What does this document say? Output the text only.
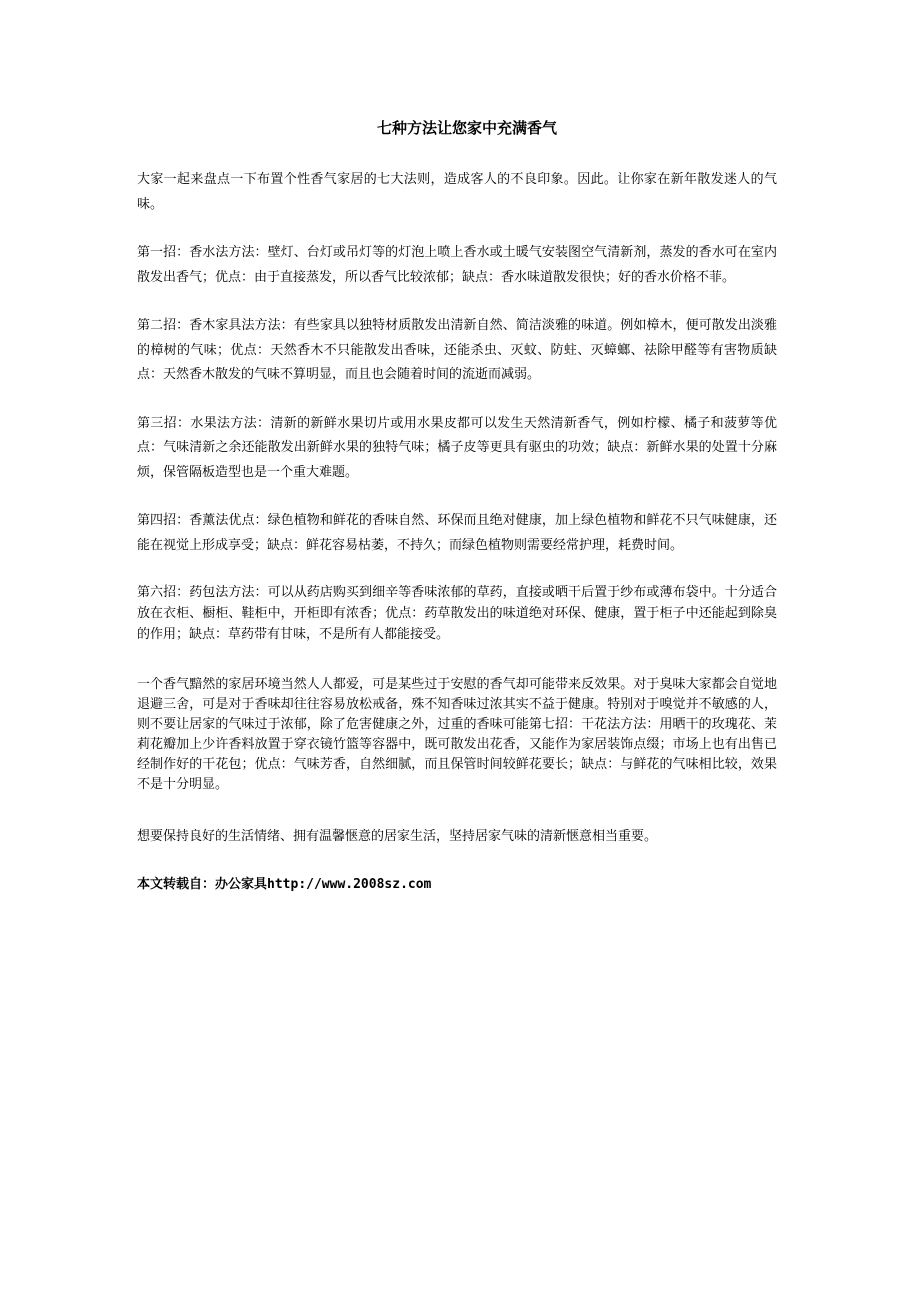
七种方法让您家中充满香气

大家一起来盘点一下布置个性香气家居的七大法则，造成客人的不良印象。因此。让你家在新年散发迷人的气味。

第一招：香水法方法：壁灯、台灯或吊灯等的灯泡上喷上香水或土暖气安装图空气清新剂，蒸发的香水可在室内散发出香气；优点：由于直接蒸发，所以香气比较浓郁；缺点：香水味道散发很快；好的香水价格不菲。

第二招：香木家具法方法：有些家具以独特材质散发出清新自然、简洁淡雅的味道。例如樟木，便可散发出淡雅的樟树的气味；优点：天然香木不只能散发出香味，还能杀虫、灭蚊、防蛀、灭蟑螂、祛除甲醛等有害物质缺点：天然香木散发的气味不算明显，而且也会随着时间的流逝而减弱。

第三招：水果法方法：清新的新鲜水果切片或用水果皮都可以发生天然清新香气，例如柠檬、橘子和菠萝等优点：气味清新之余还能散发出新鲜水果的独特气味；橘子皮等更具有驱虫的功效；缺点：新鲜水果的处置十分麻烦，保管隔板造型也是一个重大难题。

第四招：香薰法优点：绿色植物和鲜花的香味自然、环保而且绝对健康，加上绿色植物和鲜花不只气味健康，还能在视觉上形成享受；缺点：鲜花容易枯萎，不持久；而绿色植物则需要经常护理，耗费时间。

第六招：药包法方法：可以从药店购买到细辛等香味浓郁的草药，直接或晒干后置于纱布或薄布袋中。十分适合放在衣柜、橱柜、鞋柜中，开柜即有浓香；优点：药草散发出的味道绝对环保、健康，置于柜子中还能起到除臭的作用；缺点：草药带有甘味，不是所有人都能接受。

一个香气黯然的家居环境当然人人都爱，可是某些过于安慰的香气却可能带来反效果。对于臭味大家都会自觉地退避三舍，可是对于香味却往往容易放松戒备，殊不知香味过浓其实不益于健康。特别对于嗅觉并不敏感的人，则不要让居家的气味过于浓郁，除了危害健康之外，过重的香味可能第七招：干花法方法：用晒干的玫瑰花、茉莉花瓣加上少许香料放置于穿衣镜竹篮等容器中，既可散发出花香，又能作为家居装饰点缀；市场上也有出售已经制作好的干花包；优点：气味芳香，自然细腻，而且保管时间较鲜花要长；缺点：与鲜花的气味相比较，效果不是十分明显。

想要保持良好的生活情绪、拥有温馨惬意的居家生活，坚持居家气味的清新惬意相当重要。

本文转载自：办公家具http://www.2008sz.com
